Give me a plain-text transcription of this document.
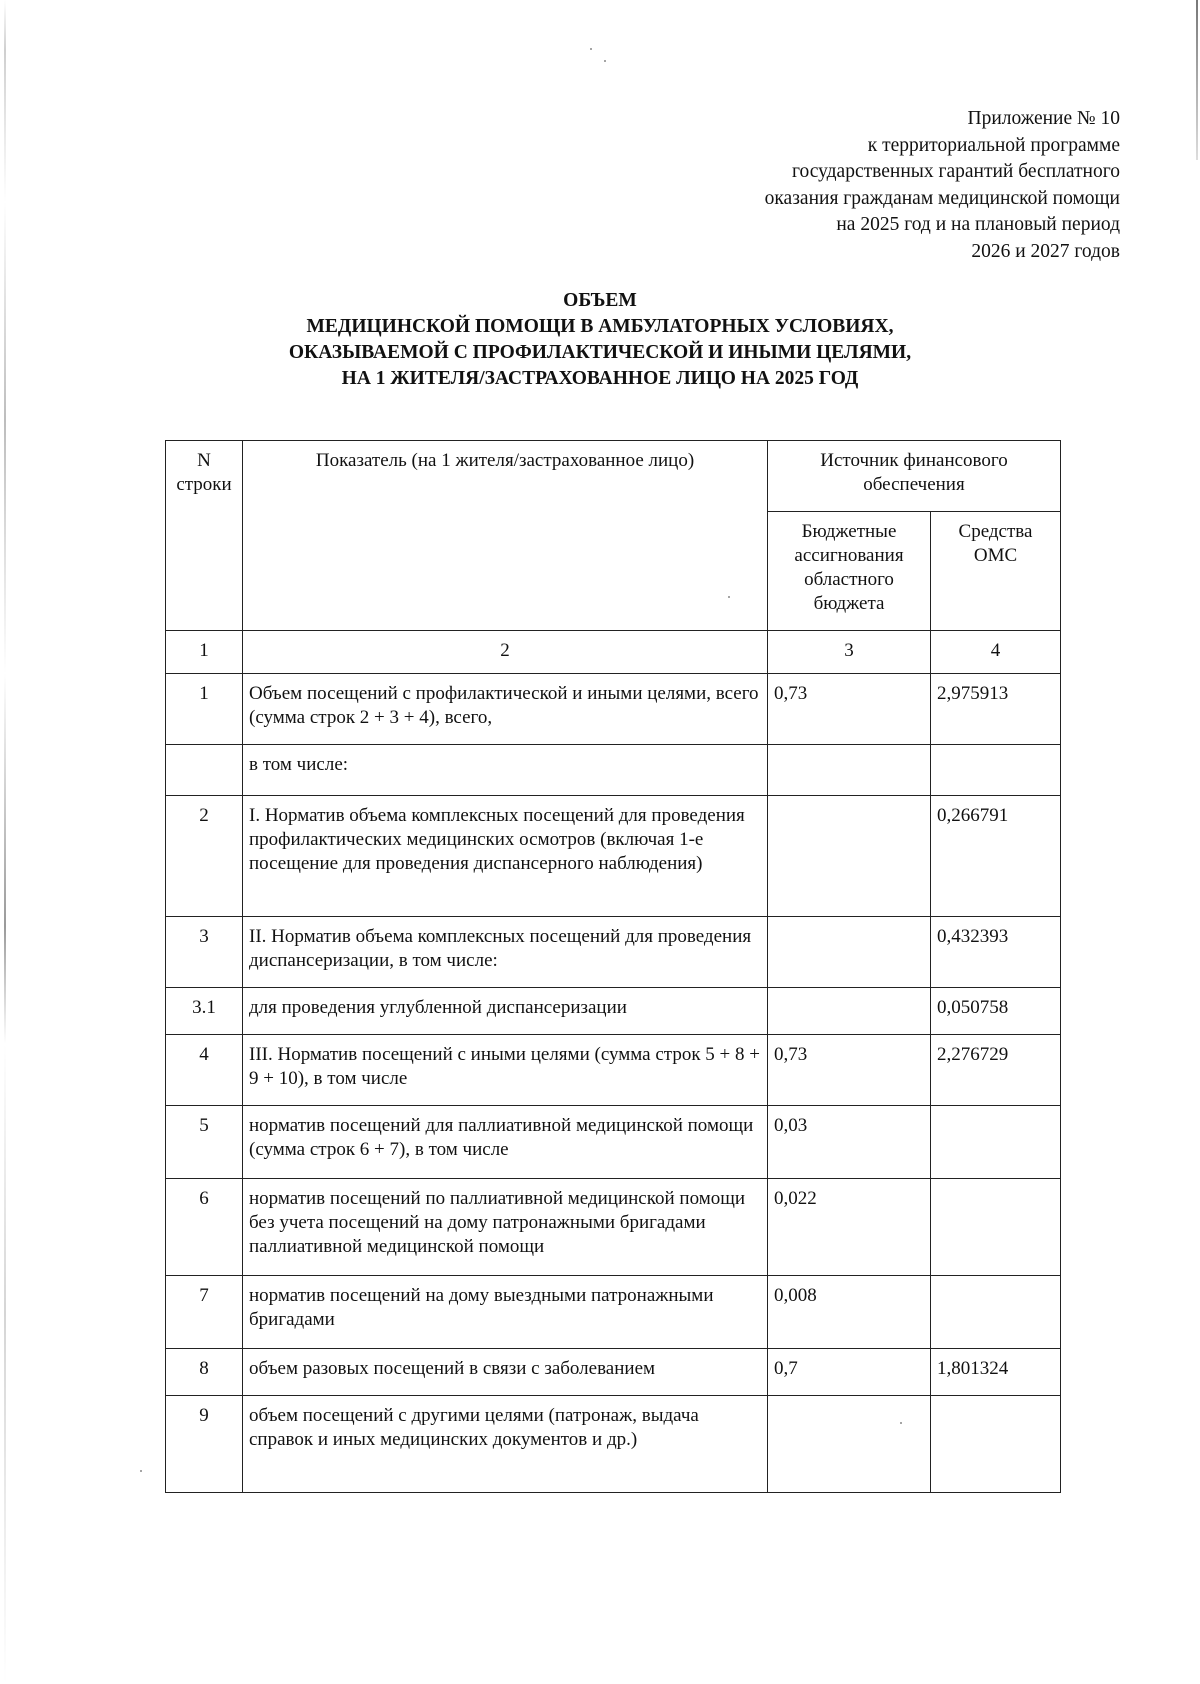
Приложение № 10
к территориальной программе
государственных гарантий бесплатного
оказания гражданам медицинской помощи
на 2025 год и на плановый период
2026 и 2027 годов
ОБЪЕМ
МЕДИЦИНСКОЙ ПОМОЩИ В АМБУЛАТОРНЫХ УСЛОВИЯХ,
ОКАЗЫВАЕМОЙ С ПРОФИЛАКТИЧЕСКОЙ И ИНЫМИ ЦЕЛЯМИ,
НА 1 ЖИТЕЛЯ/ЗАСТРАХОВАННОЕ ЛИЦО НА 2025 ГОД
N строки	Показатель (на 1 жителя/застрахованное лицо)	Источник финансового обеспечения	
		Бюджетные ассигнования областного бюджета	Средства ОМС
1	2	3	4
1	Объем посещений с профилактической и иными целями, всего (сумма строк 2 + 3 + 4), всего,	0,73	2,975913
	в том числе:		
2	I. Норматив объема комплексных посещений для проведения профилактических медицинских осмотров (включая 1-е посещение для проведения диспансерного наблюдения)		0,266791
3	II. Норматив объема комплексных посещений для проведения диспансеризации, в том числе:		0,432393
3.1	для проведения углубленной диспансеризации		0,050758
4	III. Норматив посещений с иными целями (сумма строк 5 + 8 + 9 + 10), в том числе	0,73	2,276729
5	норматив посещений для паллиативной медицинской помощи (сумма строк 6 + 7), в том числе	0,03	
6	норматив посещений по паллиативной медицинской помощи без учета посещений на дому патронажными бригадами паллиативной медицинской помощи	0,022	
7	норматив посещений на дому выездными патронажными бригадами	0,008	
8	объем разовых посещений в связи с заболеванием	0,7	1,801324
9	объем посещений с другими целями (патронаж, выдача справок и иных медицинских документов и др.)		
